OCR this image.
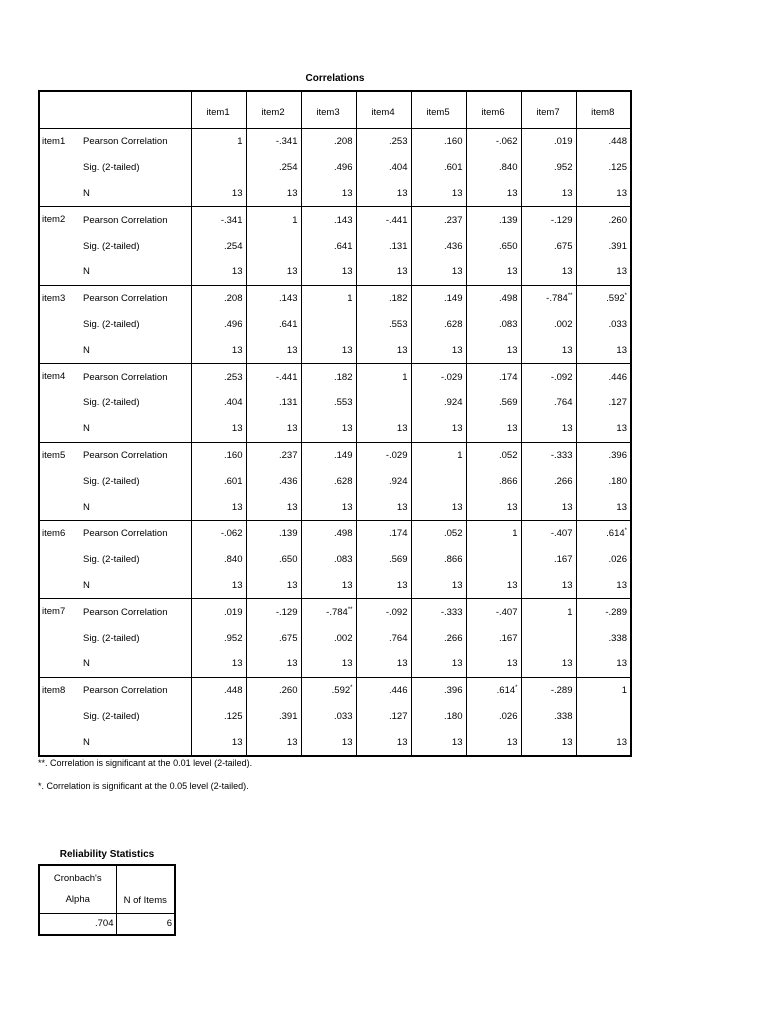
Correlations
		item1	item2	item3	item4	item5	item6	item7	item8
item1	Pearson Correlation	1	-.341	.208	.253	.160	-.062	.019	.448
	Sig. (2-tailed)		.254	.496	.404	.601	.840	.952	.125
	N	13	13	13	13	13	13	13	13
item2	Pearson Correlation	-.341	1	.143	-.441	.237	.139	-.129	.260
	Sig. (2-tailed)	.254		.641	.131	.436	.650	.675	.391
	N	13	13	13	13	13	13	13	13
item3	Pearson Correlation	.208	.143	1	.182	.149	.498	-.784**	.592*
	Sig. (2-tailed)	.496	.641		.553	.628	.083	.002	.033
	N	13	13	13	13	13	13	13	13
item4	Pearson Correlation	.253	-.441	.182	1	-.029	.174	-.092	.446
	Sig. (2-tailed)	.404	.131	.553		.924	.569	.764	.127
	N	13	13	13	13	13	13	13	13
item5	Pearson Correlation	.160	.237	.149	-.029	1	.052	-.333	.396
	Sig. (2-tailed)	.601	.436	.628	.924		.866	.266	.180
	N	13	13	13	13	13	13	13	13
item6	Pearson Correlation	-.062	.139	.498	.174	.052	1	-.407	.614*
	Sig. (2-tailed)	.840	.650	.083	.569	.866		.167	.026
	N	13	13	13	13	13	13	13	13
item7	Pearson Correlation	.019	-.129	-.784**	-.092	-.333	-.407	1	-.289
	Sig. (2-tailed)	.952	.675	.002	.764	.266	.167		.338
	N	13	13	13	13	13	13	13	13
item8	Pearson Correlation	.448	.260	.592*	.446	.396	.614*	-.289	1
	Sig. (2-tailed)	.125	.391	.033	.127	.180	.026	.338	
	N	13	13	13	13	13	13	13	13
**. Correlation is significant at the 0.01 level (2-tailed).
*. Correlation is significant at the 0.05 level (2-tailed).
Reliability Statistics
Cronbach's
Alpha	N of Items
.704	6
